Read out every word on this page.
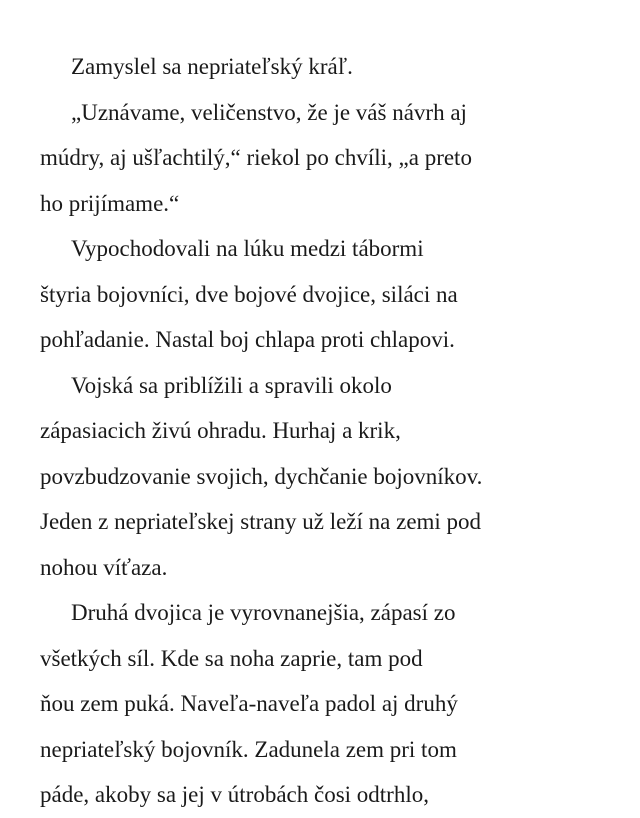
Zamyslel sa nepriateľský kráľ.
„Uznávame, veličenstvo, že je váš návrh aj
múdry, aj ušľachtilý,“ riekol po chvíli, „a preto
ho prijímame.“
Vypochodovali na lúku medzi tábormi
štyria bojovníci, dve bojové dvojice, siláci na
pohľadanie. Nastal boj chlapa proti chlapovi.
Vojská sa priblížili a spravili okolo
zápasiacich živú ohradu. Hurhaj a krik,
povzbudzovanie svojich, dychčanie bojovníkov.
Jeden z nepriateľskej strany už leží na zemi pod
nohou víťaza.
Druhá dvojica je vyrovnanejšia, zápasí zo
všetkých síl. Kde sa noha zaprie, tam pod
ňou zem puká. Naveľa-naveľa padol aj druhý
nepriateľský bojovník. Zadunela zem pri tom
páde, akoby sa jej v útrobách čosi odtrhlo,
